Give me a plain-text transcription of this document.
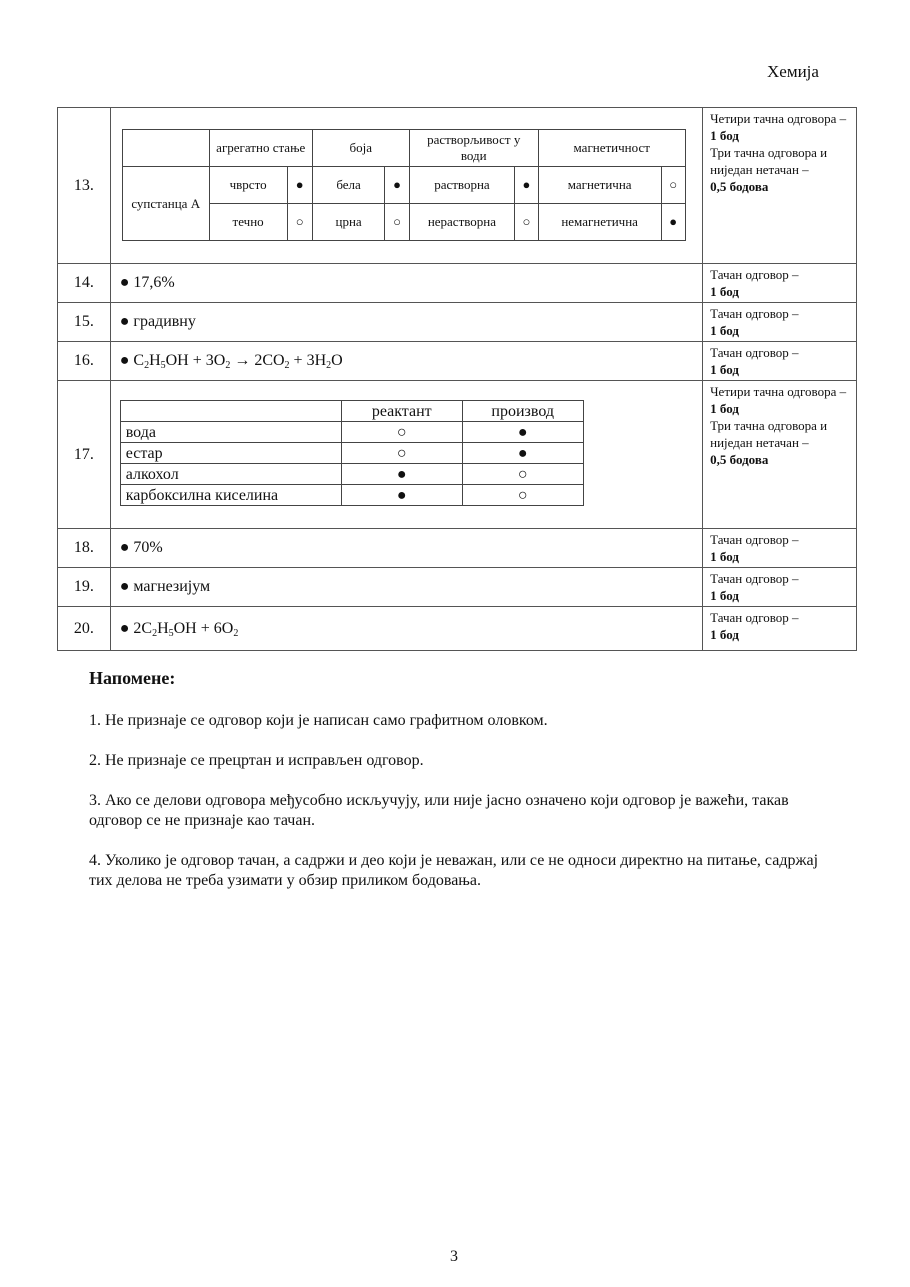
Хемија
13.	
	агрегатно стање	боја	растворљивост у води	магнетичност
супстанца А	чврсто	●	бела	●	растворна	●	магнетична	○
течно	○	црна	○	нерастворна	○	немагнетична	●

Четири тачна одговора –
1 бод
Три тачна одговора и ниједан нетачан –
0,5 бодова

14.	● 17,6%	Тачан одговор –
1 бод

15.	● градивну	Тачан одговор –
1 бод

16.	● $C_2H_5OH + 3O_2 \to 2CO_2 + 3H_2O$	Тачан одговор –
1 бод

17.	
	реактант	производ
вода	○	●
естар	○	●
алкохол	●	○
карбоксилна киселина	●	○

Четири тачна одговора –
1 бод
Три тачна одговора и ниједан нетачан –
0,5 бодова

18.	● 70%	Тачан одговор –
1 бод

19.	● магнезијум	Тачан одговор –
1 бод

20.	● $2C_2H_5OH + 6O_2$	
Тачан одговор –
1 бод
Напомене:

1. Не признаје се одговор који је написан само графитном оловком.

2. Не признаје се прецртан и исправљен одговор.

3. Ако се делови одговора међусобно искључују, или није јасно означено који одговор је важећи, такав одговор се не признаје као тачан.

4. Уколико је одговор тачан, а садржи и део који је неважан, или се не односи директно на питање, садржај тих делова не треба узимати у обзир приликом бодовања.

3
